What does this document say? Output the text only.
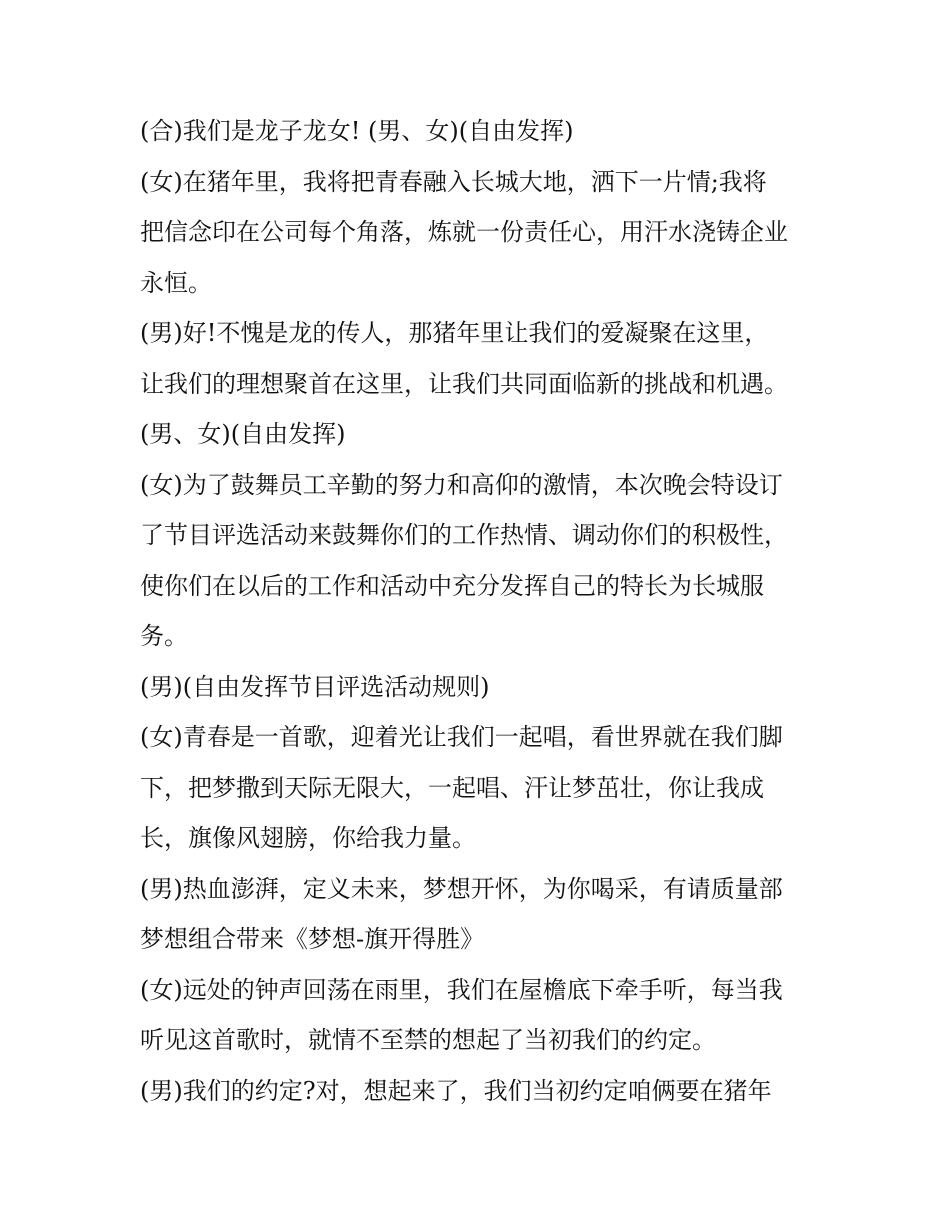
(合)我们是龙子龙女! (男、女)(自由发挥)
(女)在猪年里，我将把青春融入长城大地，洒下一片情;我将
把信念印在公司每个角落，炼就一份责任心，用汗水浇铸企业
永恒。
(男)好!不愧是龙的传人，那猪年里让我们的爱凝聚在这里，
让我们的理想聚首在这里，让我们共同面临新的挑战和机遇。
(男、女)(自由发挥)
(女)为了鼓舞员工辛勤的努力和高仰的激情，本次晚会特设订
了节目评选活动来鼓舞你们的工作热情、调动你们的积极性，
使你们在以后的工作和活动中充分发挥自己的特长为长城服
务。
(男)(自由发挥节目评选活动规则)
(女)青春是一首歌，迎着光让我们一起唱，看世界就在我们脚
下，把梦撒到天际无限大，一起唱、汗让梦茁壮，你让我成
长，旗像风翅膀，你给我力量。
(男)热血澎湃，定义未来，梦想开怀，为你喝采，有请质量部
梦想组合带来《梦想-旗开得胜》
(女)远处的钟声回荡在雨里，我们在屋檐底下牵手听，每当我
听见这首歌时，就情不至禁的想起了当初我们的约定。
(男)我们的约定?对，想起来了，我们当初约定咱俩要在猪年
